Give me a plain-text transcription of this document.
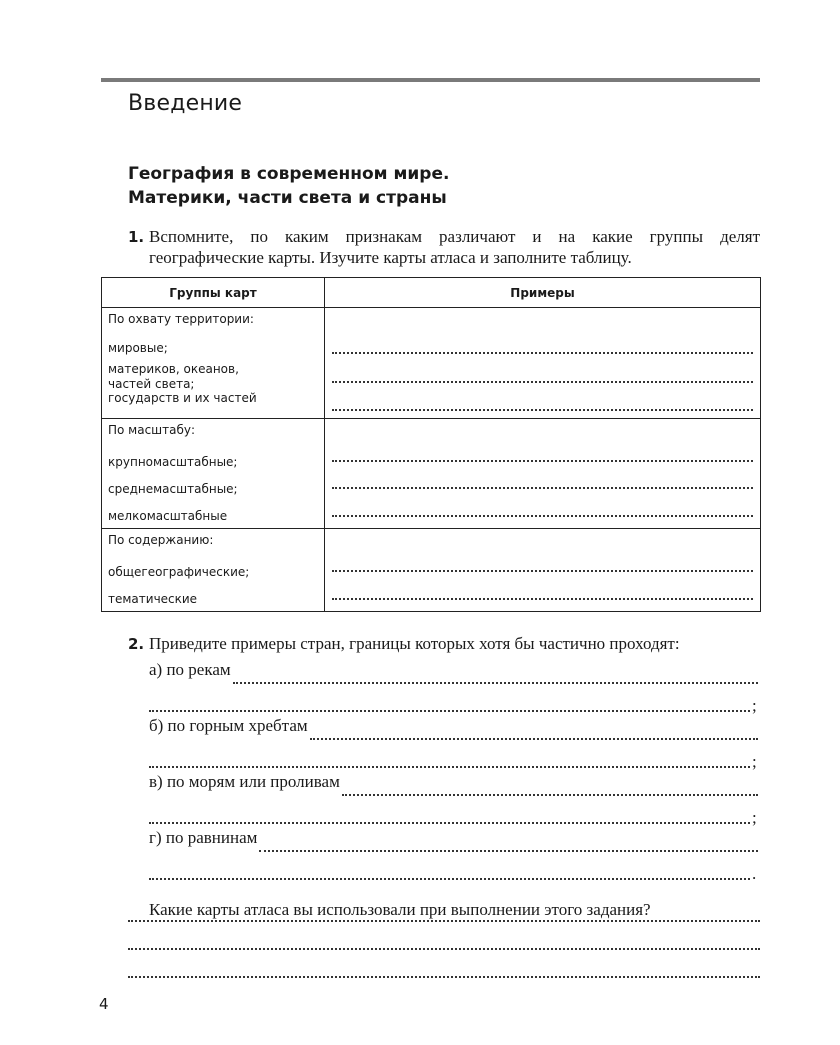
Введение
География в современном мире.
Материки, части света и страны
1. Вспомните, по каким признакам различают и на какие группы делят географические карты. Изучите карты атласа и заполните таблицу.
Группы карт	Примеры

По охвату территории:
мировые;
материков, океанов, частей света;
государств и их частей	

По масштабу:
крупномасштабные;
среднемасштабные;
мелкомасштабные	

По содержанию:
общегеографические;
тематические	

2. Приведите примеры стран, границы которых хотя бы частично проходят:
а) по рекам
;
б) по горным хребтам
;
в) по морям или проливам
;
г) по равнинам
.
Какие карты атласа вы использовали при выполнении этого задания?
4
